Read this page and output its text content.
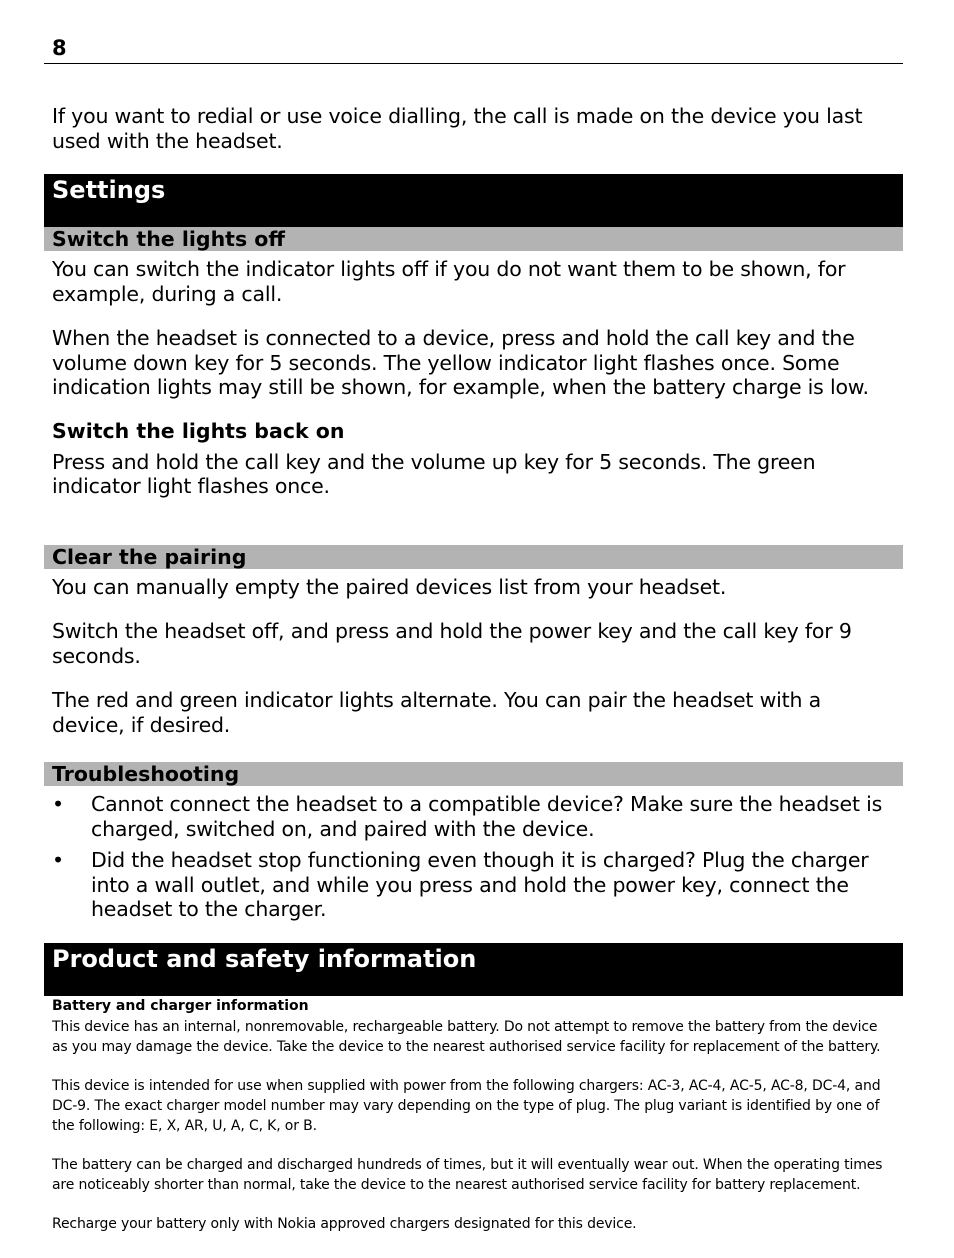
8

If you want to redial or use voice dialling, the call is made on the device you last used with the headset.

Settings
Switch the lights off

You can switch the indicator lights off if you do not want them to be shown, for example, during a call.

When the headset is connected to a device, press and hold the call key and the volume down key for 5 seconds. The yellow indicator light flashes once. Some indication lights may still be shown, for example, when the battery charge is low.

Switch the lights back on

Press and hold the call key and the volume up key for 5 seconds. The green indicator light flashes once.

Clear the pairing

You can manually empty the paired devices list from your headset.

Switch the headset off, and press and hold the power key and the call key for 9 seconds.

The red and green indicator lights alternate. You can pair the headset with a device, if desired.

Troubleshooting
• Cannot connect the headset to a compatible device? Make sure the headset is charged, switched on, and paired with the device.
• Did the headset stop functioning even though it is charged? Plug the charger into a wall outlet, and while you press and hold the power key, connect the headset to the charger.
Product and safety information
Battery and charger information

This device has an internal, nonremovable, rechargeable battery. Do not attempt to remove the battery from the device as you may damage the device. Take the device to the nearest authorised service facility for replacement of the battery.

This device is intended for use when supplied with power from the following chargers: AC-3, AC-4, AC-5, AC-8, DC-4, and DC-9. The exact charger model number may vary depending on the type of plug. The plug variant is identified by one of the following: E, X, AR, U, A, C, K, or B.

The battery can be charged and discharged hundreds of times, but it will eventually wear out. When the operating times are noticeably shorter than normal, take the device to the nearest authorised service facility for battery replacement.

Recharge your battery only with Nokia approved chargers designated for this device.
